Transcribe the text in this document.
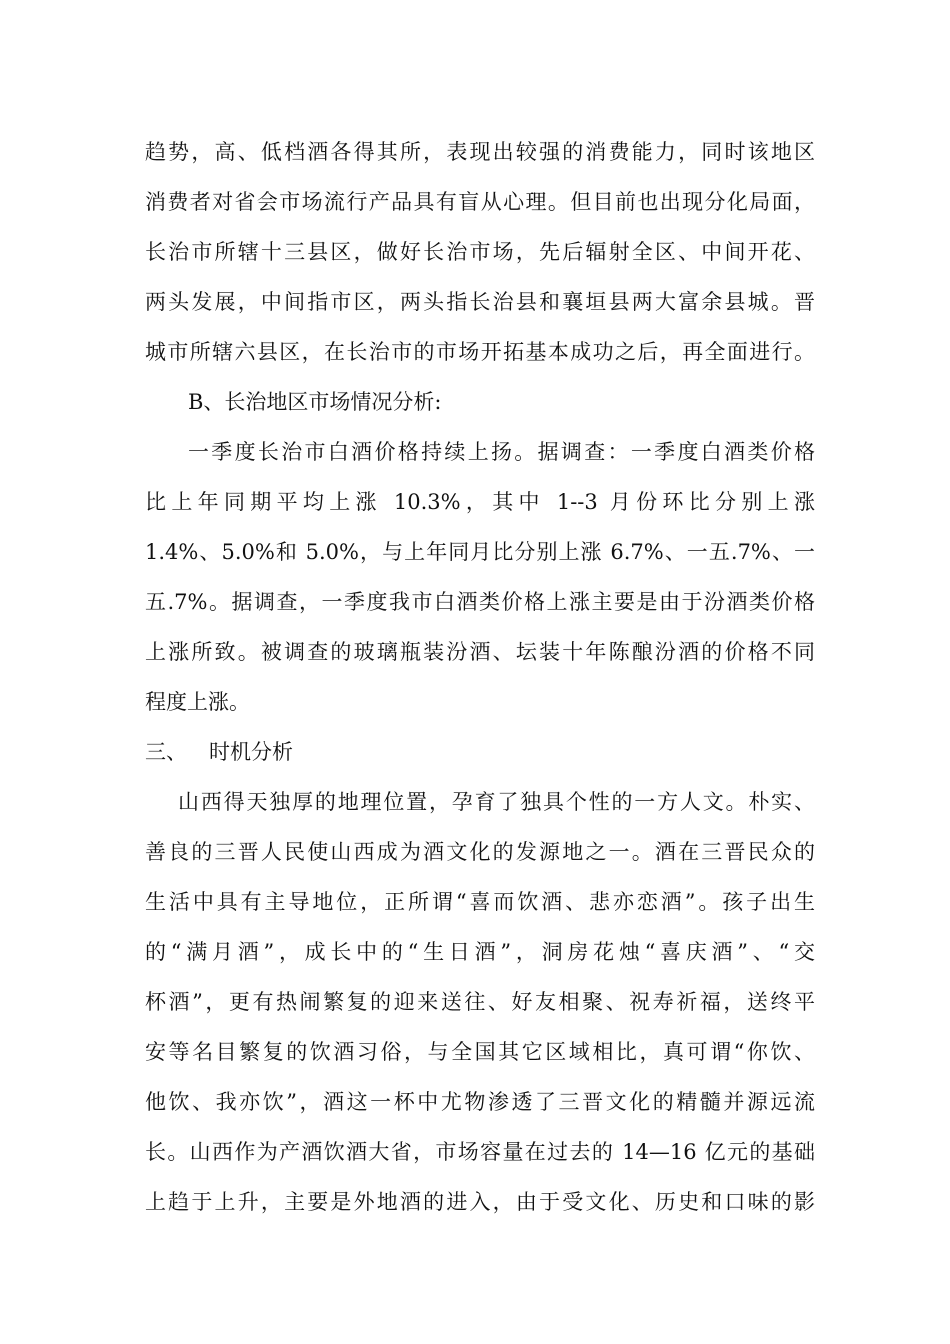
趋势，高、低档酒各得其所，表现出较强的消费能力，同时该地区
消费者对省会市场流行产品具有盲从心理。但目前也出现分化局面，
长治市所辖十三县区，做好长治市场，先后辐射全区、中间开花、
两头发展，中间指市区，两头指长治县和襄垣县两大富余县城。晋
城市所辖六县区，在长治市的市场开拓基本成功之后，再全面进行。
B、长治地区市场情况分析:
一季度长治市白酒价格持续上扬。据调查：一季度白酒类价格
比上年同期平均上涨 10.3%，其中 1--3 月份环比分别上涨
1.4%、5.0%和 5.0%，与上年同月比分别上涨 6.7%、一五.7%、一
五.7%。据调查，一季度我市白酒类价格上涨主要是由于汾酒类价格
上涨所致。被调查的玻璃瓶装汾酒、坛装十年陈酿汾酒的价格不同
程度上涨。
三、 时机分析
山西得天独厚的地理位置，孕育了独具个性的一方人文。朴实、
善良的三晋人民使山西成为酒文化的发源地之一。酒在三晋民众的
生活中具有主导地位，正所谓“喜而饮酒、悲亦恋酒”。孩子出生
的“满月酒”，成长中的“生日酒”，洞房花烛“喜庆酒”、“交
杯酒”，更有热闹繁复的迎来送往、好友相聚、祝寿祈福，送终平
安等名目繁复的饮酒习俗，与全国其它区域相比，真可谓“你饮、
他饮、我亦饮”，酒这一杯中尤物渗透了三晋文化的精髓并源远流
长。山西作为产酒饮酒大省，市场容量在过去的 14—16 亿元的基础
上趋于上升，主要是外地酒的进入，由于受文化、历史和口味的影
